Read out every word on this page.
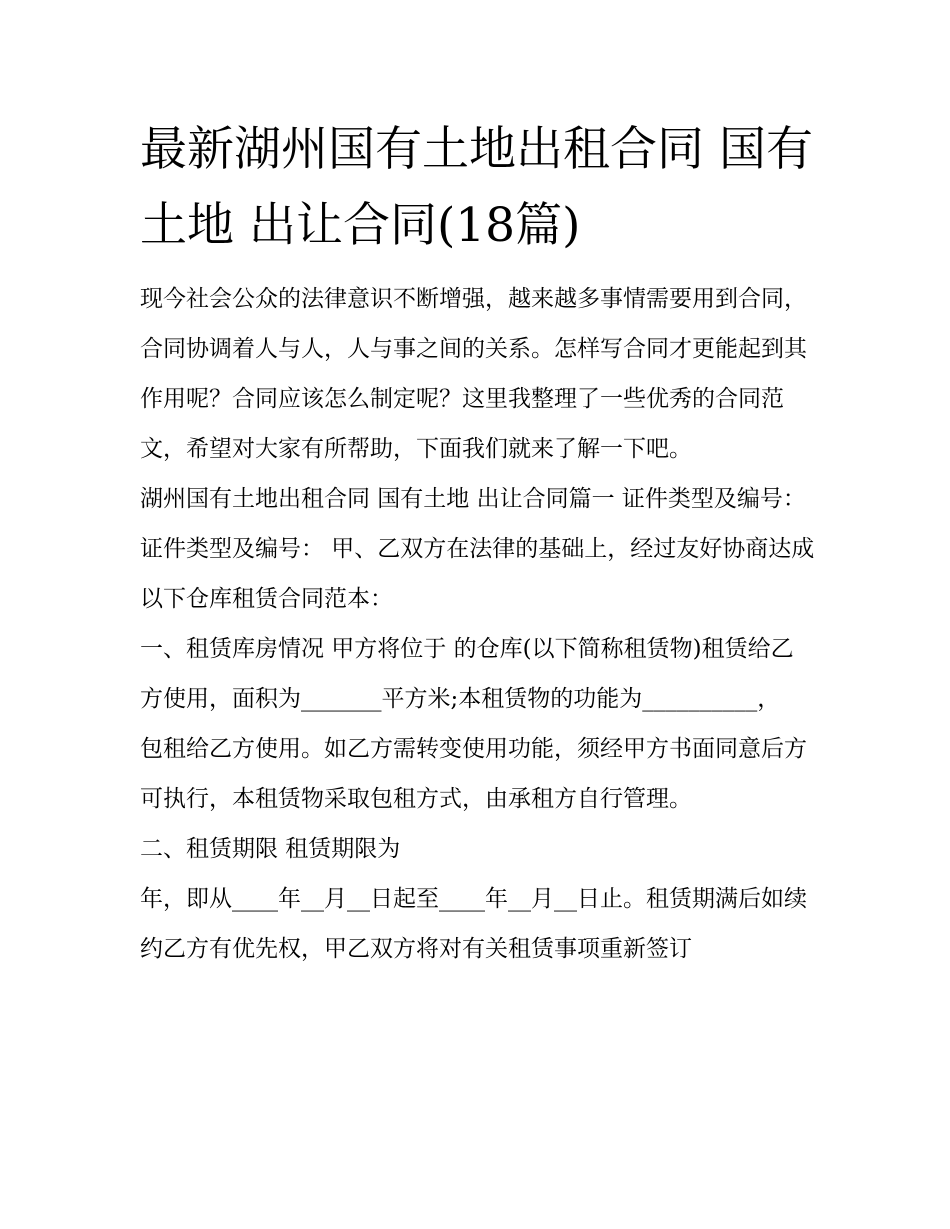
最新湖州国有土地出租合同 国有土地 出让合同(18篇)

现今社会公众的法律意识不断增强，越来越多事情需要用到合同，合同协调着人与人，人与事之间的关系。怎样写合同才更能起到其作用呢？合同应该怎么制定呢？这里我整理了一些优秀的合同范文，希望对大家有所帮助，下面我们就来了解一下吧。

湖州国有土地出租合同 国有土地 出让合同篇一 证件类型及编号： 证件类型及编号： 甲、乙双方在法律的基础上，经过友好协商达成以下仓库租赁合同范本：

一、租赁库房情况 甲方将位于 的仓库(以下简称租赁物)租赁给乙方使用，面积为_______平方米;本租赁物的功能为__________，

包租给乙方使用。如乙方需转变使用功能，须经甲方书面同意后方可执行，本租赁物采取包租方式，由承租方自行管理。

二、租赁期限 租赁期限为

年，即从____年__月__日起至____年__月__日止。租赁期满后如续约乙方有优先权，甲乙双方将对有关租赁事项重新签订
